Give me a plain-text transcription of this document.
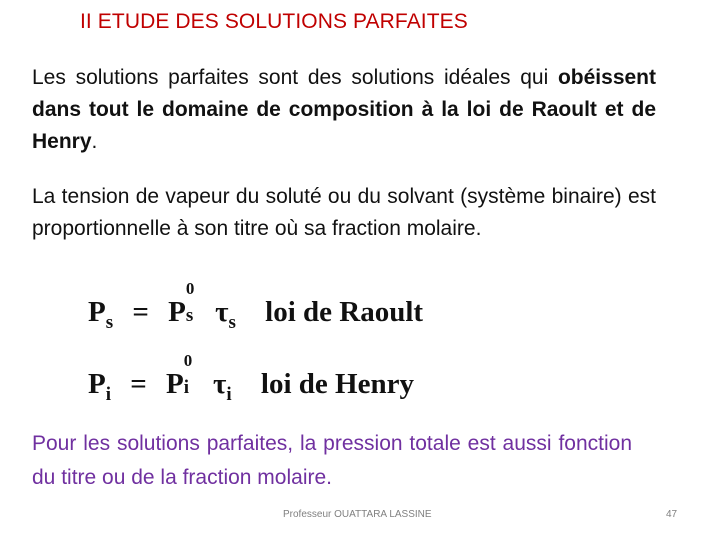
II ETUDE DES SOLUTIONS PARFAITES
Les solutions parfaites sont des solutions idéales qui obéissent dans tout le domaine de composition à la loi de Raoult et de Henry.
La tension de vapeur du soluté ou du solvant (système binaire) est proportionnelle à son titre où sa fraction molaire.
$P_s = P$
0
s $\tau_s$ loi de Raoult
$P_i = P$
0
i $\tau_i$ loi de Henry
Pour les solutions parfaites, la pression totale est aussi fonction du titre ou de la fraction molaire.
Professeur OUATTARA LASSINE	47
